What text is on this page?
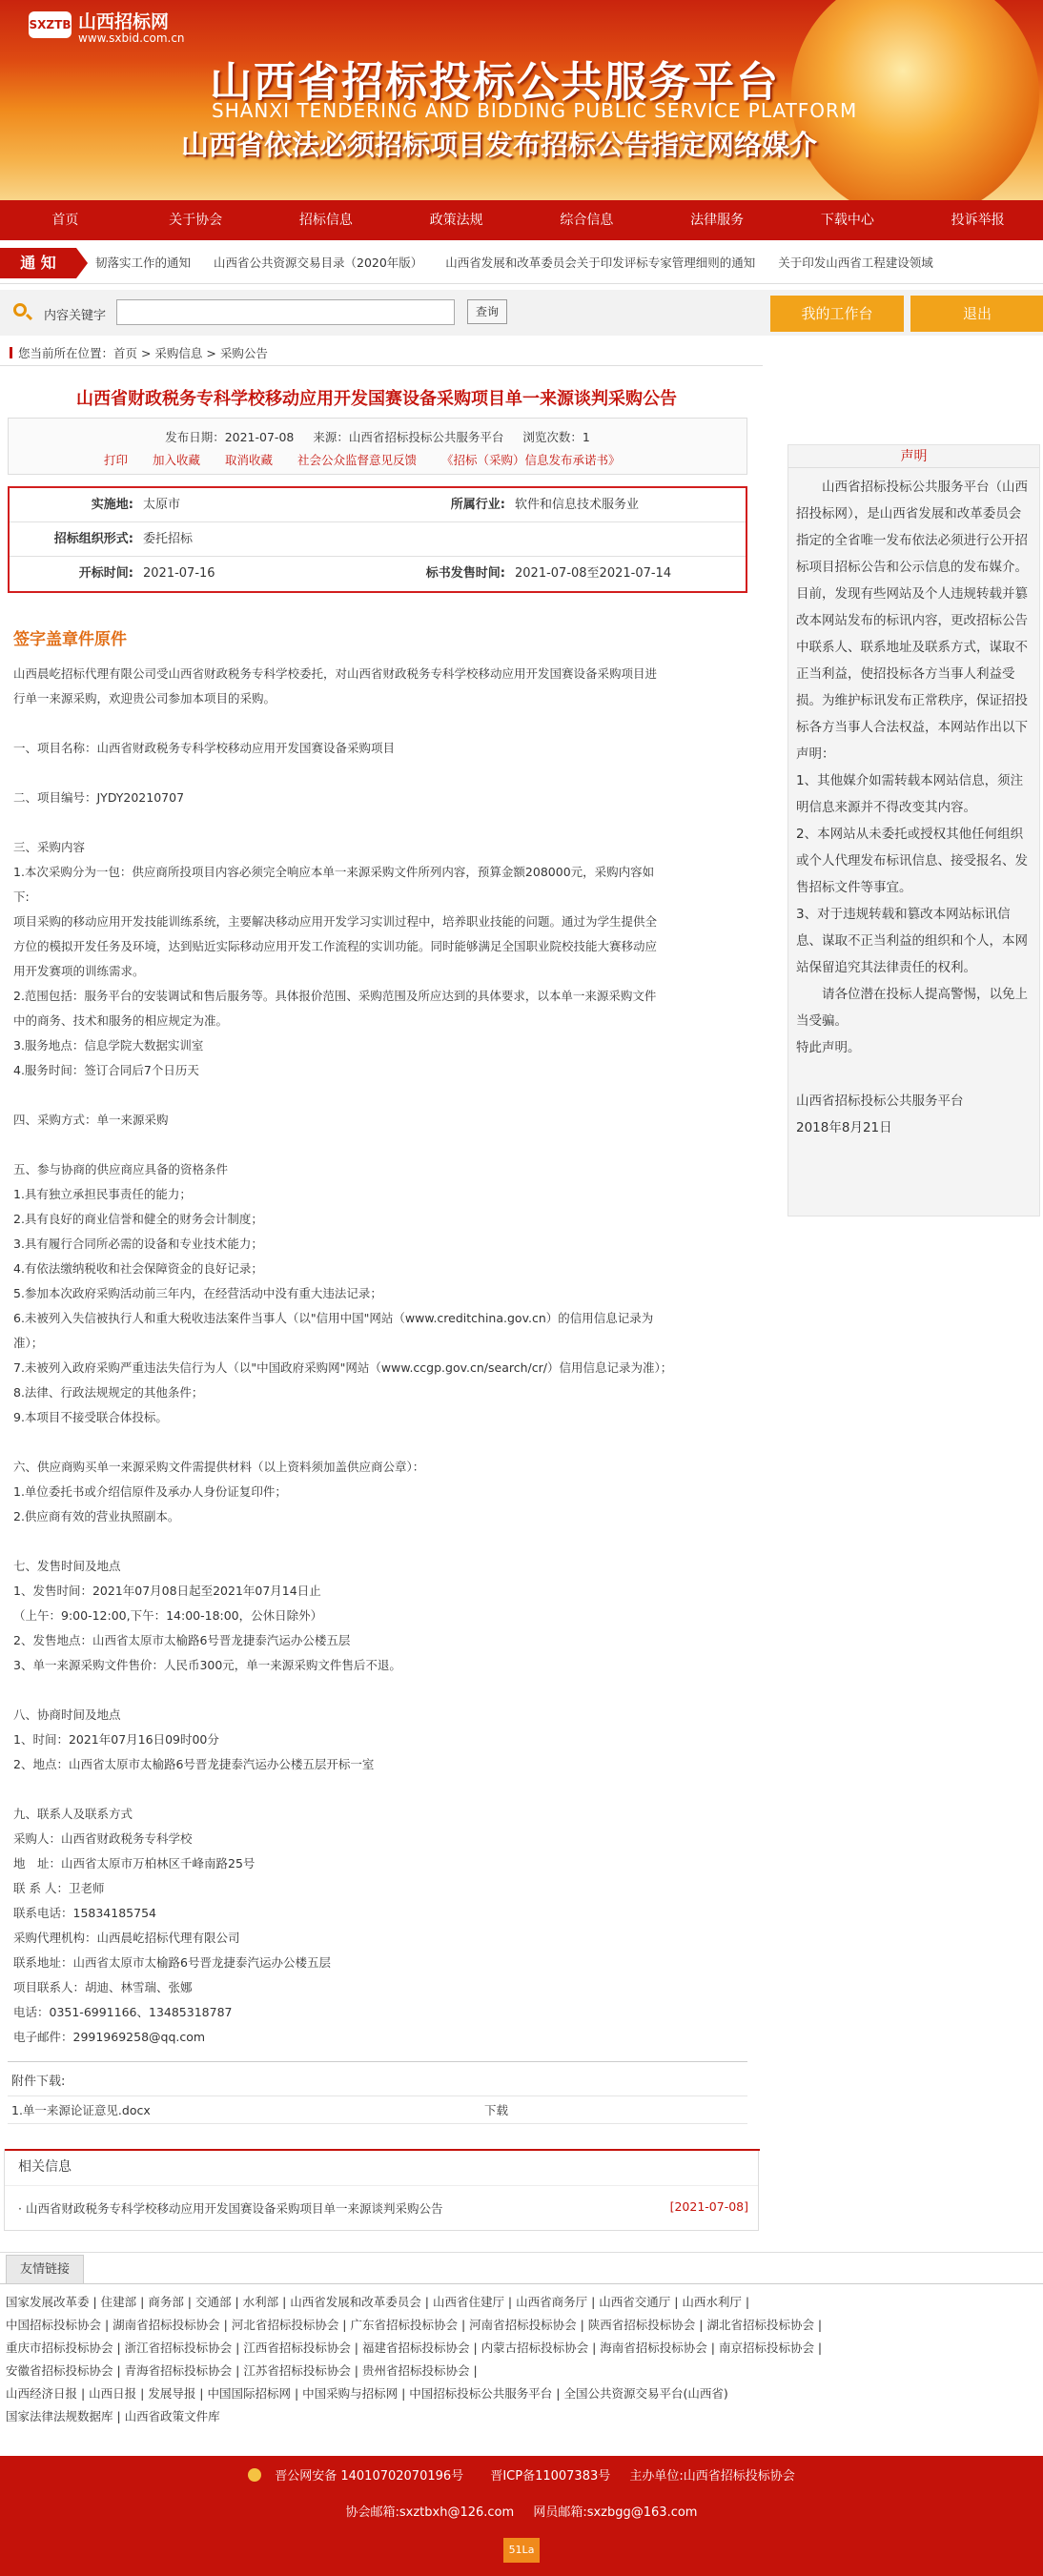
SXZTB 山西招标网
www.sxbid.com.cn
山西省招标投标公共服务平台
SHANXI TENDERING AND BIDDING PUBLIC SERVICE PLATFORM
山西省依法必须招标项目发布招标公告指定网络媒介
首页	关于协会	招标信息	政策法规	综合信息	法律服务	下载中心	投诉举报
通 知	韧落实工作的通知 山西省公共资源交易目录（2020年版） 山西省发展和改革委员会关于印发评标专家管理细则的通知 关于印发山西省工程建设领域
内容关键字	查询	我的工作台	退出
您当前所在位置：首页 > 采购信息 > 采购公告
山西省财政税务专科学校移动应用开发国赛设备采购项目单一来源谈判采购公告
发布日期：2021-07-08 来源：山西省招标投标公共服务平台 浏览次数：1
打印 加入收藏 取消收藏 社会公众监督意见反馈 《招标（采购）信息发布承诺书》
实施地: 太原市	所属行业: 软件和信息技术服务业
招标组织形式: 委托招标
开标时间: 2021-07-16	标书发售时间: 2021-07-08至2021-07-14
签字盖章件原件

山西晨屹招标代理有限公司受山西省财政税务专科学校委托，对山西省财政税务专科学校移动应用开发国赛设备采购项目进

行单一来源采购，欢迎贵公司参加本项目的采购。

一、项目名称：山西省财政税务专科学校移动应用开发国赛设备采购项目

二、项目编号：JYDY20210707

三、采购内容

1.本次采购分为一包：供应商所投项目内容必须完全响应本单一来源采购文件所列内容，预算金额208000元，采购内容如

下:

项目采购的移动应用开发技能训练系统，主要解决移动应用开发学习实训过程中，培养职业技能的问题。通过为学生提供全

方位的模拟开发任务及环境，达到贴近实际移动应用开发工作流程的实训功能。同时能够满足全国职业院校技能大赛移动应

用开发赛项的训练需求。

2.范围包括：服务平台的安装调试和售后服务等。具体报价范围、采购范围及所应达到的具体要求，以本单一来源采购文件

中的商务、技术和服务的相应规定为准。

3.服务地点：信息学院大数据实训室

4.服务时间：签订合同后7个日历天

四、采购方式：单一来源采购

五、参与协商的供应商应具备的资格条件

1.具有独立承担民事责任的能力；

2.具有良好的商业信誉和健全的财务会计制度；

3.具有履行合同所必需的设备和专业技术能力；

4.有依法缴纳税收和社会保障资金的良好记录；

5.参加本次政府采购活动前三年内，在经营活动中没有重大违法记录；

6.未被列入失信被执行人和重大税收违法案件当事人（以"信用中国"网站（www.creditchina.gov.cn）的信用信息记录为

准）；

7.未被列入政府采购严重违法失信行为人（以"中国政府采购网"网站（www.ccgp.gov.cn/search/cr/）信用信息记录为准）；

8.法律、行政法规规定的其他条件；

9.本项目不接受联合体投标。

六、供应商购买单一来源采购文件需提供材料（以上资料须加盖供应商公章）：

1.单位委托书或介绍信原件及承办人身份证复印件；

2.供应商有效的营业执照副本。

七、发售时间及地点

1、发售时间：2021年07月08日起至2021年07月14日止

（上午：9:00-12:00,下午：14:00-18:00，公休日除外）

2、发售地点：山西省太原市太榆路6号晋龙捷泰汽运办公楼五层

3、单一来源采购文件售价：人民币300元，单一来源采购文件售后不退。

八、协商时间及地点

1、时间：2021年07月16日09时00分

2、地点：山西省太原市太榆路6号晋龙捷泰汽运办公楼五层开标一室

九、联系人及联系方式

采购人：山西省财政税务专科学校

地　址：山西省太原市万柏林区千峰南路25号

联 系 人：卫老师

联系电话：15834185754

采购代理机构：山西晨屹招标代理有限公司

联系地址：山西省太原市太榆路6号晋龙捷泰汽运办公楼五层

项目联系人：胡迪、林雪瑞、张娜

电话：0351-6991166、13485318787

电子邮件：2991969258@qq.com

附件下载:
1.单一来源论证意见.docx	下载
相关信息
· 山西省财政税务专科学校移动应用开发国赛设备采购项目单一来源谈判采购公告	[2021-07-08]
声明

山西省招标投标公共服务平台（山西招投标网），是山西省发展和改革委员会指定的全省唯一发布依法必须进行公开招标项目招标公告和公示信息的发布媒介。目前，发现有些网站及个人违规转载并篡改本网站发布的标讯内容，更改招标公告中联系人、联系地址及联系方式，谋取不正当利益，使招投标各方当事人利益受损。为维护标讯发布正常秩序，保证招投标各方当事人合法权益，本网站作出以下声明：

1、其他媒介如需转载本网站信息，须注明信息来源并不得改变其内容。

2、本网站从未委托或授权其他任何组织或个人代理发布标讯信息、接受报名、发售招标文件等事宜。

3、对于违规转载和篡改本网站标讯信息、谋取不正当利益的组织和个人，本网站保留追究其法律责任的权利。

请各位潜在投标人提高警惕，以免上当受骗。

特此声明。

山西省招标投标公共服务平台

2018年8月21日

友情链接
国家发展改革委 | 住建部 | 商务部 | 交通部 | 水利部 | 山西省发展和改革委员会 | 山西省住建厅 | 山西省商务厅 | 山西省交通厅 | 山西水利厅 |
中国招标投标协会 | 湖南省招标投标协会 | 河北省招标投标协会 | 广东省招标投标协会 | 河南省招标投标协会 | 陕西省招标投标协会 | 湖北省招标投标协会 |
重庆市招标投标协会 | 浙江省招标投标协会 | 江西省招标投标协会 | 福建省招标投标协会 | 内蒙古招标投标协会 | 海南省招标投标协会 | 南京招标投标协会 |
安徽省招标投标协会 | 青海省招标投标协会 | 江苏省招标投标协会 | 贵州省招标投标协会 |
山西经济日报 | 山西日报 | 发展导报 | 中国国际招标网 | 中国采购与招标网 | 中国招标投标公共服务平台 | 全国公共资源交易平台(山西省)
国家法律法规数据库 | 山西省政策文件库
晋公网安备 14010702070196号 晋ICP备11007383号 主办单位:山西省招标投标协会
协会邮箱:sxztbxh@126.com 网员邮箱:sxzbgg@163.com
51La
